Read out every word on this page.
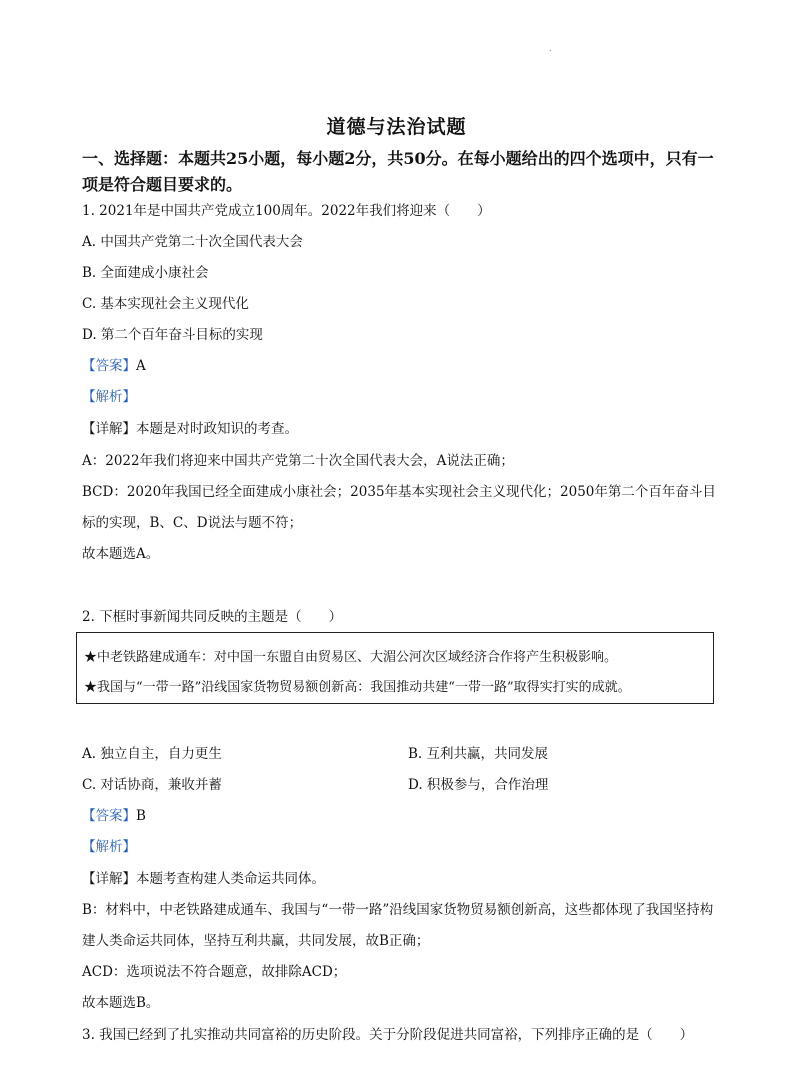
.
道德与法治试题
一、选择题：本题共25小题，每小题2分，共50分。在每小题给出的四个选项中，只有一项是符合题目要求的。
1. 2021年是中国共产党成立100周年。2022年我们将迎来（　　）
A. 中国共产党第二十次全国代表大会
B. 全面建成小康社会
C. 基本实现社会主义现代化
D. 第二个百年奋斗目标的实现
【答案】A
【解析】
【详解】本题是对时政知识的考查。
A：2022年我们将迎来中国共产党第二十次全国代表大会，A说法正确；
BCD：2020年我国已经全面建成小康社会；2035年基本实现社会主义现代化；2050年第二个百年奋斗目标的实现，B、C、D说法与题不符；
故本题选A。
2. 下框时事新闻共同反映的主题是（　　）
★中老铁路建成通车：对中国一东盟自由贸易区、大湄公河次区域经济合作将产生积极影响。
★我国与“一带一路”沿线国家货物贸易额创新高：我国推动共建“一带一路”取得实打实的成就。
A. 独立自主，自力更生	B. 互利共赢，共同发展
C. 对话协商，兼收并蓄	D. 积极参与，合作治理
【答案】B
【解析】
【详解】本题考查构建人类命运共同体。
B：材料中，中老铁路建成通车、我国与“一带一路”沿线国家货物贸易额创新高，这些都体现了我国坚持构建人类命运共同体，坚持互利共赢，共同发展，故B正确；
ACD：选项说法不符合题意，故排除ACD；
故本题选B。
3. 我国已经到了扎实推动共同富裕的历史阶段。关于分阶段促进共同富裕，下列排序正确的是（　　）
